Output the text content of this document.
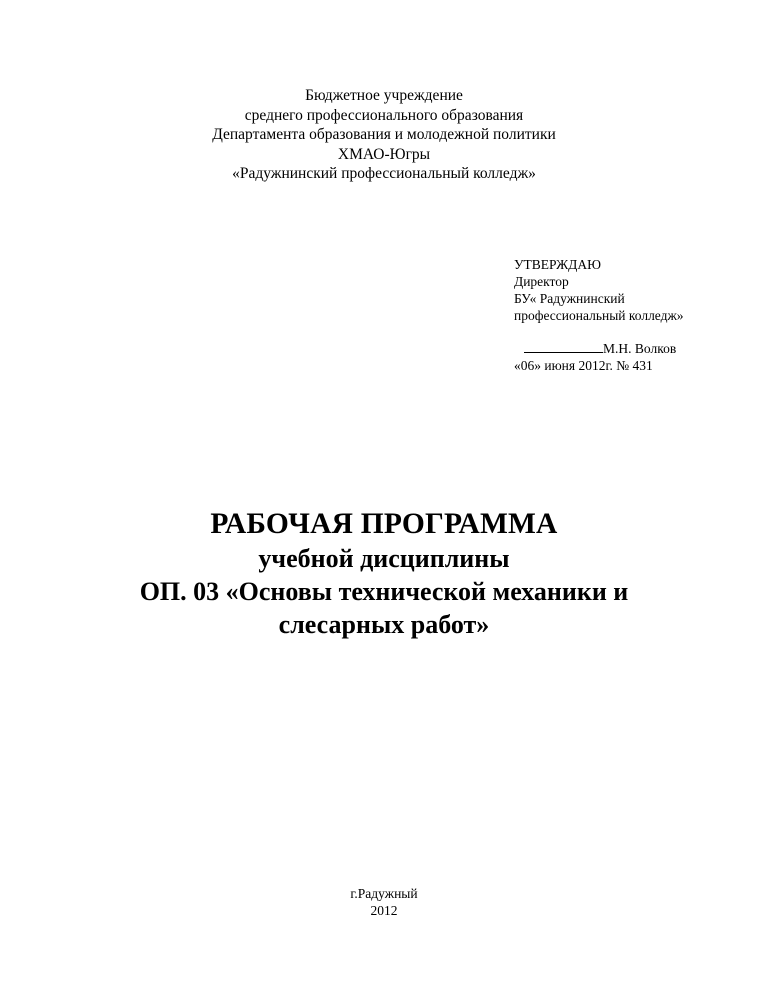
Бюджетное учреждение
среднего профессионального образования
Департамента образования и молодежной политики
ХМАО-Югры
«Радужнинский профессиональный колледж»
УТВЕРЖДАЮ
Директор
БУ« Радужнинский
профессиональный колледж»
М.Н. Волков
«06» июня 2012г. № 431
РАБОЧАЯ ПРОГРАММА
учебной дисциплины
ОП. 03 «Основы технической механики и
слесарных работ»
г.Радужный
2012
